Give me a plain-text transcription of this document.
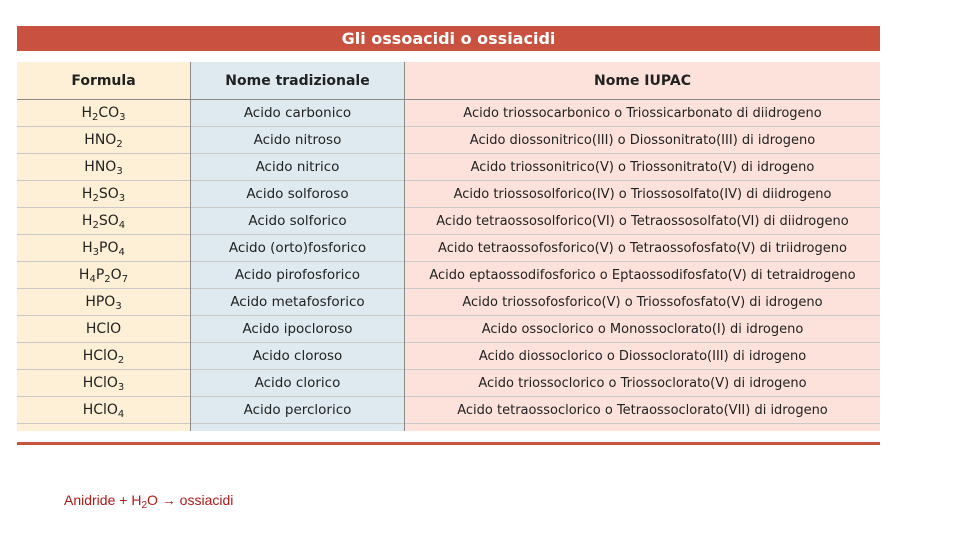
Gli ossoacidi o ossiacidi
Formula	Nome tradizionale	Nome IUPAC
H 2 CO 3	Acido carbonico	Acido triossocarbonico o Triossicarbonato di diidrogeno
HNO 2	Acido nitroso	Acido diossonitrico(III) o Diossonitrato(III) di idrogeno
HNO 3	Acido nitrico	Acido triossonitrico(V) o Triossonitrato(V) di idrogeno
H 2 SO 3	Acido solforoso	Acido triossosolforico(IV) o Triossosolfato(IV) di diidrogeno
H 2 SO 4	Acido solforico	Acido tetraossosolforico(VI) o Tetraossosolfato(VI) di diidrogeno
H 3 PO 4	Acido (orto)fosforico	Acido tetraossofosforico(V) o Tetraossofosfato(V) di triidrogeno
H 4 P 2 O 7	Acido pirofosforico	Acido eptaossodifosforico o Eptaossodifosfato(V) di tetraidrogeno
HPO 3	Acido metafosforico	Acido triossofosforico(V) o Triossofosfato(V) di idrogeno
HClO	Acido ipocloroso	Acido ossoclorico o Monossoclorato(I) di idrogeno
HClO 2	Acido cloroso	Acido diossoclorico o Diossoclorato(III) di idrogeno
HClO 3	Acido clorico	Acido triossoclorico o Triossoclorato(V) di idrogeno
HClO 4	Acido perclorico	Acido tetraossoclorico o Tetraossoclorato(VII) di idrogeno
Anidride + $H_2O$ → ossiacidi
